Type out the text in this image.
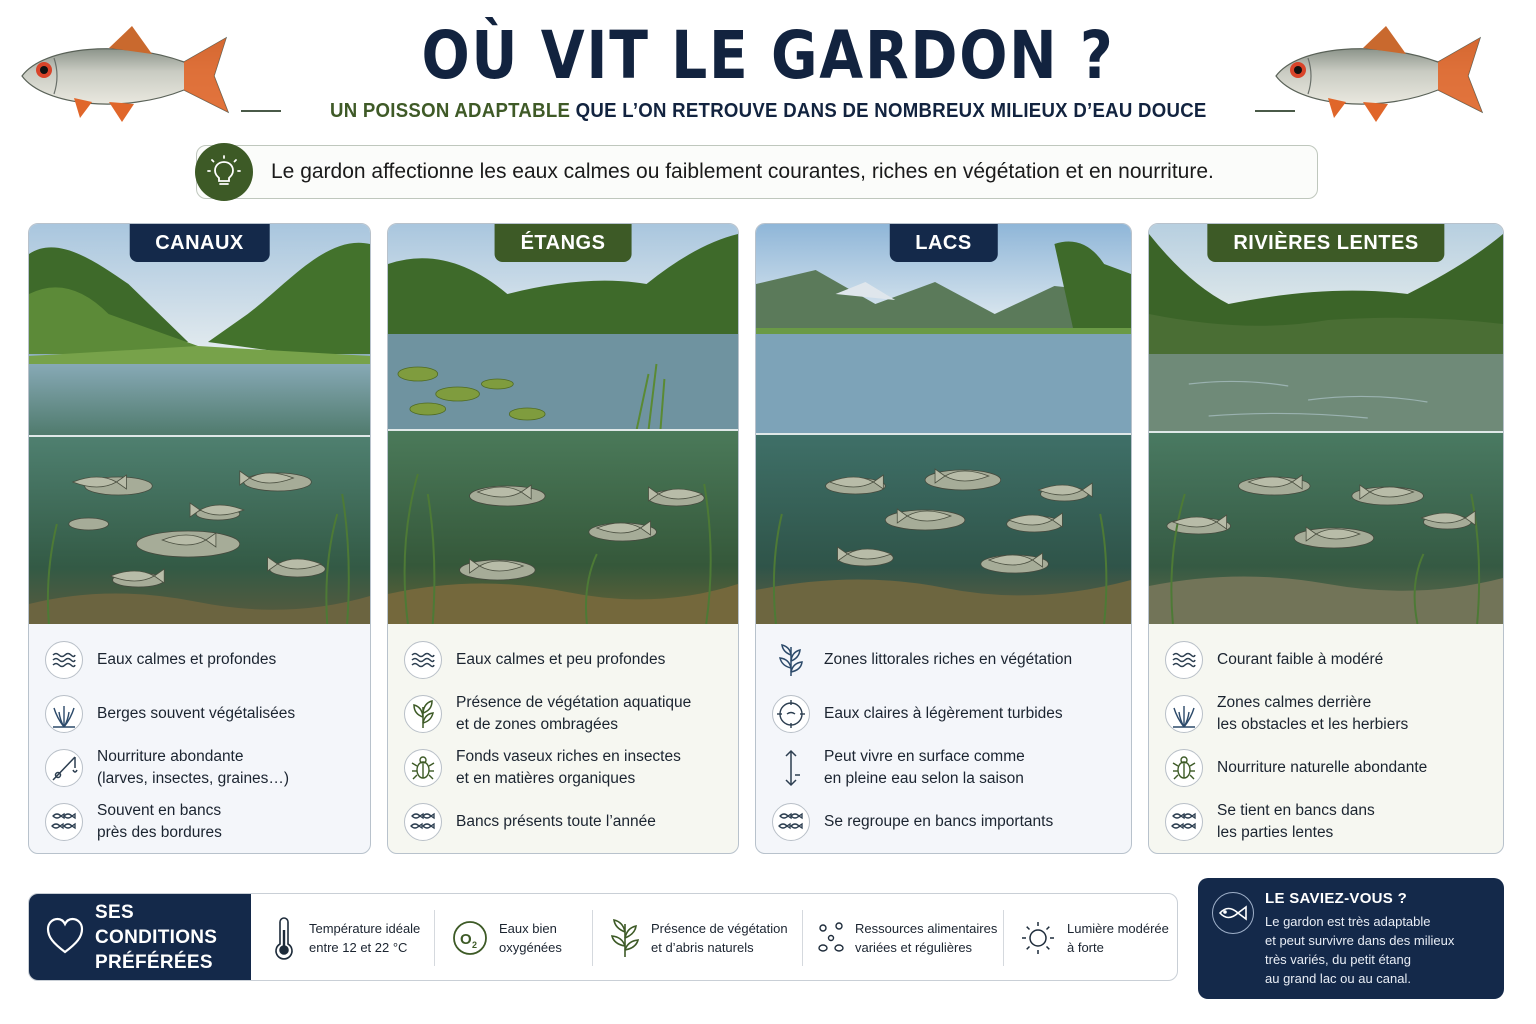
OÙ VIT LE GARDON ?
UN POISSON ADAPTABLE QUE L’ON RETROUVE DANS DE NOMBREUX MILIEUX D’EAU DOUCE
Le gardon affectionne les eaux calmes ou faiblement courantes, riches en végétation et en nourriture.
CANAUX
Eaux calmes et profondes
Berges souvent végétalisées
Nourriture abondante
(larves, insectes, graines…)
Souvent en bancs
près des bordures
ÉTANGS
Eaux calmes et peu profondes
Présence de végétation aquatique
et de zones ombragées
Fonds vaseux riches en insectes
et en matières organiques
Bancs présents toute l’année
LACS
Zones littorales riches en végétation
Eaux claires à légèrement turbides
Peut vivre en surface comme
en pleine eau selon la saison
Se regroupe en bancs importants
RIVIÈRES LENTES
Courant faible à modéré
Zones calmes derrière
les obstacles et les herbiers
Nourriture naturelle abondante
Se tient en bancs dans
les parties lentes
SES CONDITIONS
PRÉFÉRÉES
Température idéale
entre 12 et 22 °C	O 2
Eaux bien
oxygénées
Présence de végétation
et d’abris naturels
Ressources alimentaires
variées et régulières
Lumière modérée
à forte
LE SAVIEZ-VOUS ?
Le gardon est très adaptable
et peut survivre dans des milieux
très variés, du petit étang
au grand lac ou au canal.
